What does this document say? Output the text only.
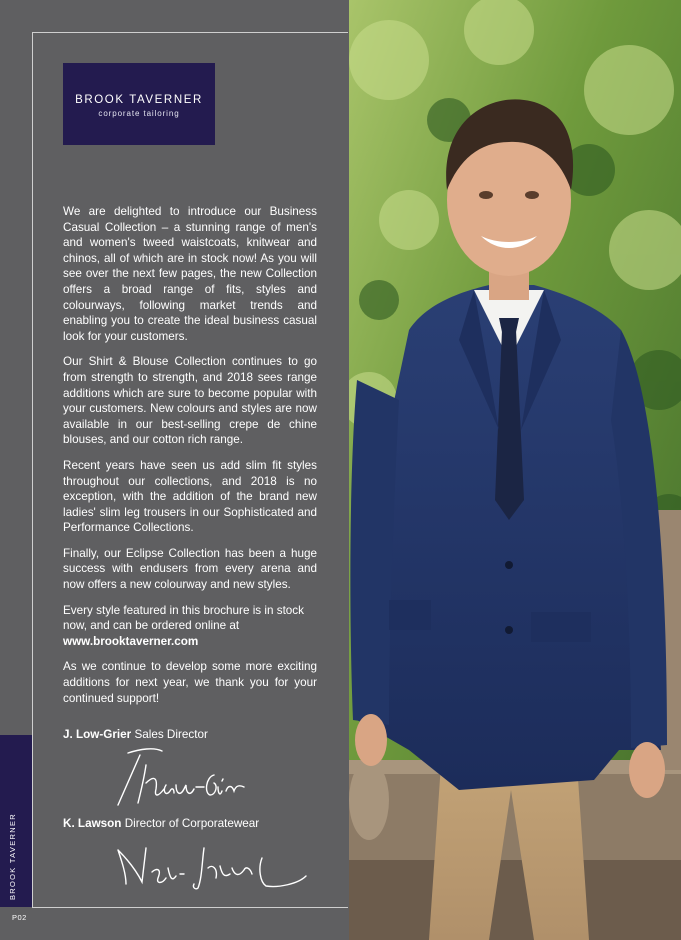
BROOK TAVERNER
corporate tailoring

We are delighted to introduce our Business Casual Collection – a stunning range of men's and women's tweed waistcoats, knitwear and chinos, all of which are in stock now! As you will see over the next few pages, the new Collection offers a broad range of fits, styles and colourways, following market trends and enabling you to create the ideal business casual look for your customers.

Our Shirt & Blouse Collection continues to go from strength to strength, and 2018 sees range additions which are sure to become popular with your customers. New colours and styles are now available in our best-selling crepe de chine blouses, and our cotton rich range.

Recent years have seen us add slim fit styles throughout our collections, and 2018 is no exception, with the addition of the brand new ladies' slim leg trousers in our Sophisticated and Performance Collections.

Finally, our Eclipse Collection has been a huge success with endusers from every arena and now offers a new colourway and new styles.

Every style featured in this brochure is in stock now, and can be ordered online at
www.brooktaverner.com

As we continue to develop some more exciting additions for next year, we thank you for your continued support!

J. Low-Grier Sales Director
K. Lawson Director of Corporatewear
BROOK TAVERNER
P02
